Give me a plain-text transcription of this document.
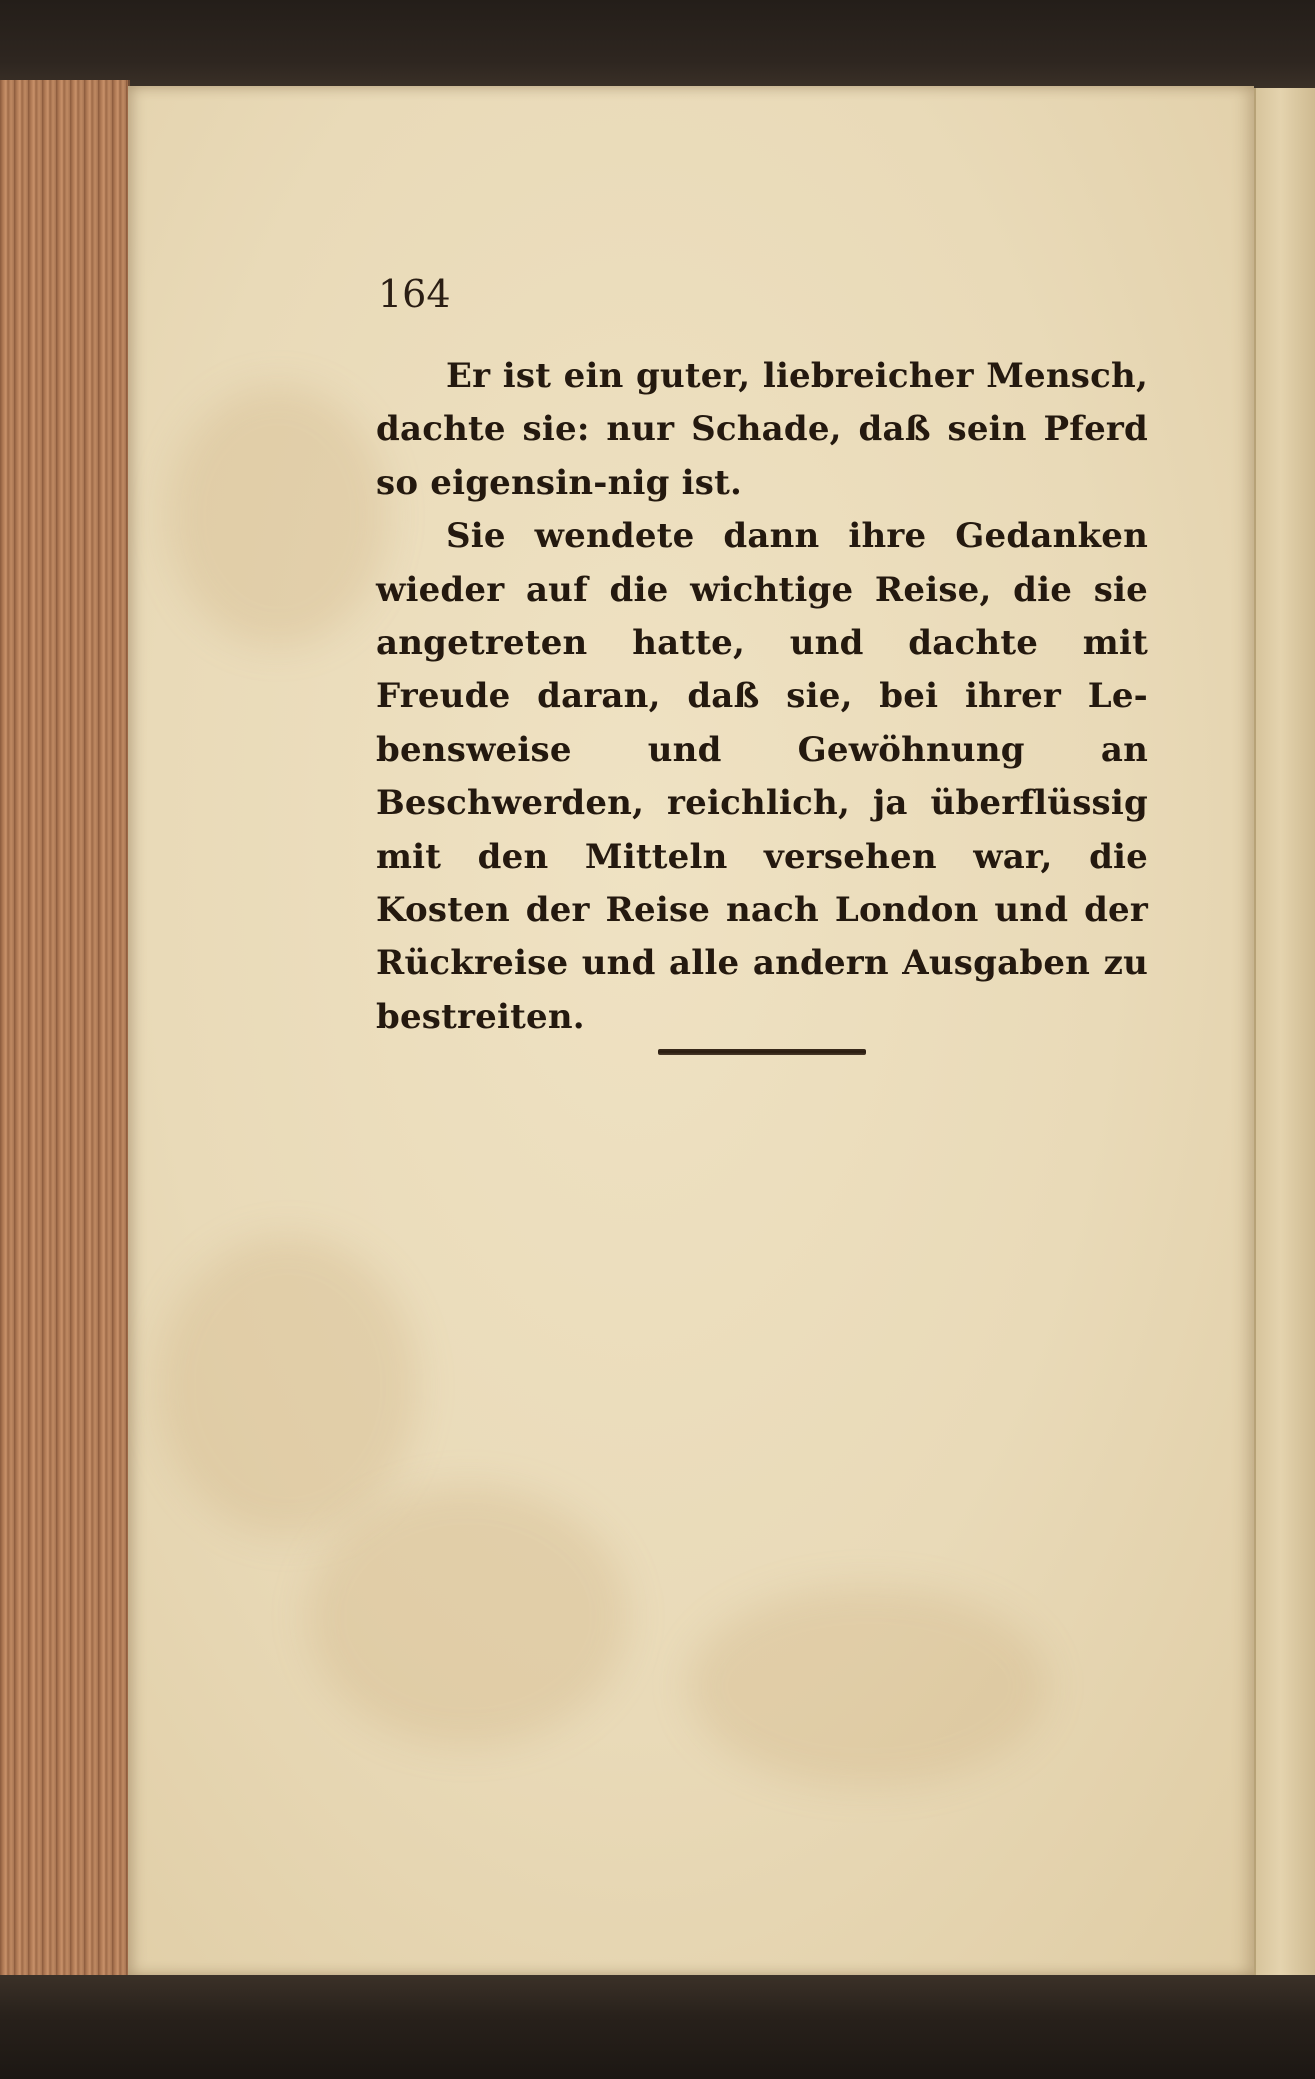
164

Er ist ein guter, liebreicher Mensch, dachte sie: nur Schade, daß sein Pferd so eigensin-nig ist.

Sie wendete dann ihre Gedanken wieder auf die wichtige Reise, die sie angetreten hatte, und dachte mit Freude daran, daß sie, bei ihrer Le-bensweise und Gewöhnung an Beschwerden, reichlich, ja überflüssig mit den Mitteln versehen war, die Kosten der Reise nach London und der Rückreise und alle andern Ausgaben zu bestreiten.
